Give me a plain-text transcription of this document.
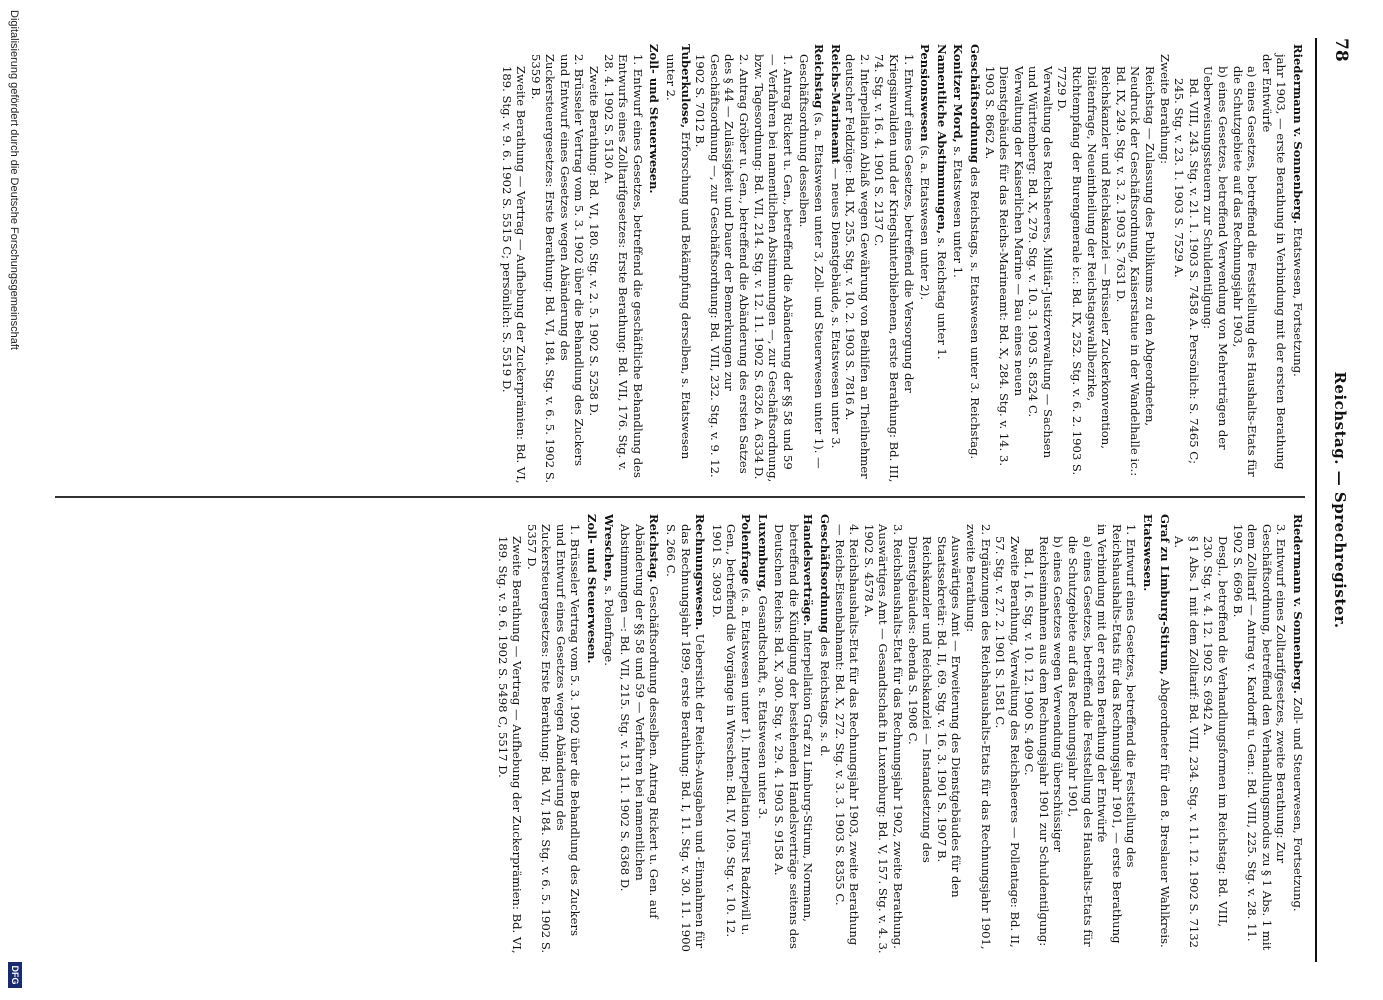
78
Reichstag. — Sprechregister.

Riedermann v. Sonnenberg. Etatswesen, Fortsetzung.

jahr 1903, — erste Berathung in Verbindung mit der ersten Berathung der Entwürfe

a) eines Gesetzes, betreffend die Feststellung des Haushalts-Etats für die Schutzgebiete auf das Rechnungsjahr 1903,

b) eines Gesetzes, betreffend Verwendung von Mehrerträgen der Ueberweisungssteuern zur Schuldentilgung:

Bd. VIII, 243. Stg. v. 21. 1. 1903 S. 7458 A. Persönlich: S. 7465 C; 245. Stg. v. 23. 1. 1903 S. 7529 A.

Zweite Berathung:

Reichstag — Zulassung des Publikums zu den Abgeordneten, Neudruck der Geschäftsordnung, Kaiserstatue in der Wandelhalle ic.: Bd. IX, 249. Stg. v. 3. 2. 1903 S. 7631 D.

Reichskanzler und Reichskanzlei — Brüsseler Zuckerkonvention, Diätenfrage, Neueintheilung der Reichstagswahlbezirke, Richtempfang der Burengenerale ic.: Bd. IX, 252. Stg. v. 6. 2. 1903 S. 7729 D.

Verwaltung des Reichsheeres, Militär-Justizverwaltung — Sachsen und Württemberg: Bd. X, 279. Stg. v. 10. 3. 1903 S. 8524 C.

Verwaltung der Kaiserlichen Marine — Bau eines neuen Dienstgebäudes für das Reichs-Marineamt: Bd. X, 284. Stg. v. 14. 3. 1903 S. 8662 A.

Geschäftsordnung des Reichstags, s. Etatswesen unter 3. Reichstag.

Konitzer Mord, s. Etatswesen unter 1.

Namentliche Abstimmungen, s. Reichstag unter 1.

Pensionswesen (s. a. Etatswesen unter 2).

1. Entwurf eines Gesetzes, betreffend die Versorgung der Kriegsinvaliden und der Kriegshinterbliebenen, erste Berathung: Bd. III, 74. Stg. v. 16. 4. 1901 S. 2137 C.

2. Interpellation Ablaß wegen Gewährung von Beihilfen an Theilnehmer deutscher Feldzüge: Bd. IX, 255. Stg. v. 10. 2. 1903 S. 7816 A.

Reichs-Marineamt — neues Dienstgebäude, s. Etatswesen unter 3.

Reichstag (s. a. Etatswesen unter 3, Zoll- und Steuerwesen unter 1). — Geschäftsordnung desselben.

1. Antrag Rickert u. Gen., betreffend die Abänderung der §§ 58 und 59 — Verfahren bei namentlichen Abstimmungen —, zur Geschäftsordnung, bzw. Tagesordnung: Bd. VII, 214. Stg. v. 12. 11. 1902 S. 6326 A. 6334 D.

2. Antrag Gröber u. Gen., betreffend die Abänderung des ersten Satzes des § 44 — Zulässigkeit und Dauer der Bemerkungen zur Geschäftsordnung —, zur Geschäftsordnung: Bd. VIII, 232. Stg. v. 9. 12. 1902 S. 7012 B.

Tuberkulose, Erforschung und Bekämpfung derselben, s. Etatswesen unter 2.

Zoll- und Steuerwesen.

1. Entwurf eines Gesetzes, betreffend die geschäftliche Behandlung des Entwurfs eines Zolltarifgesetzes: Erste Berathung: Bd. VII, 176. Stg. v. 28. 4. 1902 S. 5130 A.

Zweite Berathung: Bd. VI, 180. Stg. v. 2. 5. 1902 S. 5258 D.

2. Brüsseler Vertrag vom 5. 3. 1902 über die Behandlung des Zuckers und Entwurf eines Gesetzes wegen Abänderung des Zuckersteuergesetzes: Erste Berathung: Bd. VI, 184. Stg. v. 6. 5. 1902 S. 5359 B.

Zweite Berathung — Vertrag — Aufhebung der Zuckerprämien: Bd. VI, 189. Stg. v. 9. 6. 1902 S. 5515 C; persönlich: S. 5519 D.

Riedermann v. Sonnenberg. Zoll- und Steuerwesen, Fortsetzung.

3. Entwurf eines Zolltarifgesetzes, zweite Berathung: Zur Geschäftsordnung, betreffend den Verhandlungsmodus zu § 1 Abs. 1 mit dem Zolltarif — Antrag v. Kardorff u. Gen.: Bd. VIII, 225. Stg. v. 28. 11. 1902 S. 6696 B.

Desgl., betreffend die Verhandlungsformen im Reichstag: Bd. VIII, 230. Stg. v. 4. 12. 1902 S. 6942 A.

§ 1 Abs. 1 mit dem Zolltarif: Bd. VIII, 234. Stg. v. 11. 12. 1902 S. 7132 A.

Graf zu Limburg-Stirum, Abgeordneter für den 8. Breslauer Wahlkreis.

Etatswesen.

1. Entwurf eines Gesetzes, betreffend die Feststellung des Reichshaushalts-Etats für das Rechnungsjahr 1901, — erste Berathung in Verbindung mit der ersten Berathung der Entwürfe

a) eines Gesetzes, betreffend die Feststellung des Haushalts-Etats für die Schutzgebiete auf das Rechnungsjahr 1901,

b) eines Gesetzes wegen Verwendung überschüssiger Reichseinnahmen aus dem Rechnungsjahr 1901 zur Schuldentilgung:

Bd. I, 16. Stg. v. 10. 12. 1900 S. 409 C.

Zweite Berathung, Verwaltung des Reichsheeres — Pollentage: Bd. II, 57. Stg. v. 27. 2. 1901 S. 1581 C.

2. Ergänzungen des Reichshaushalts-Etats für das Rechnungsjahr 1901, zweite Berathung:

Auswärtiges Amt — Erweiterung des Dienstgebäudes für den Staatssekretär: Bd. II, 69. Stg. v. 16. 3. 1901 S. 1907 B.

Reichskanzler und Reichskanzlei — Instandsetzung des Dienstgebäudes: ebenda S. 1908 C.

3. Reichshaushalts-Etat für das Rechnungsjahr 1902, zweite Berathung. Auswärtiges Amt — Gesandtschaft in Luxemburg: Bd. V, 157. Stg. v. 4. 3. 1902 S. 4578 A.

4. Reichshaushalts-Etat für das Rechnungsjahr 1903, zweite Berathung — Reichs-Eisenbahnamt: Bd. X, 272. Stg. v. 3. 3. 1903 S. 8355 C.

Geschäftsordnung des Reichstags, s. d.

Handelsverträge. Interpellation Graf zu Limburg-Stirum, Normann, betreffend die Kündigung der bestehenden Handelsverträge seitens des Deutschen Reichs: Bd. X, 300. Stg. v. 29. 4. 1903 S. 9158 A.

Luxemburg, Gesandtschaft, s. Etatswesen unter 3.

Polenfrage (s. a. Etatswesen unter 1). Interpellation Fürst Radziwill u. Gen., betreffend die Vorgänge in Wreschen: Bd. IV, 109. Stg. v. 10. 12. 1901 S. 3093 D.

Rechnungswesen. Uebersicht der Reichs-Ausgaben und -Einnahmen für das Rechnungsjahr 1899, erste Berathung: Bd. I, 11. Stg. v. 30. 11. 1900 S. 266 C.

Reichstag. Geschäftsordnung desselben. Antrag Rickert u. Gen. auf Abänderung der §§ 58 und 59 — Verfahren bei namentlichen Abstimmungen —: Bd. VII, 215. Stg. v. 13. 11. 1902 S. 6368 D.

Wreschen, s. Polenfrage.

Zoll- und Steuerwesen.

1. Brüsseler Vertrag vom 5. 3. 1902 über die Behandlung des Zuckers und Entwurf eines Gesetzes wegen Abänderung des Zuckersteuergesetzes: Erste Berathung: Bd. VI, 184. Stg. v. 6. 5. 1902 S. 5357 D.

Zweite Berathung — Vertrag — Aufhebung der Zuckerprämien: Bd. VI, 189. Stg. v. 9. 6. 1902 S. 5498 C, 5517 D.

Digitalisierung gefördert durch die Deutsche Forschungsgemeinschaft
DFG
